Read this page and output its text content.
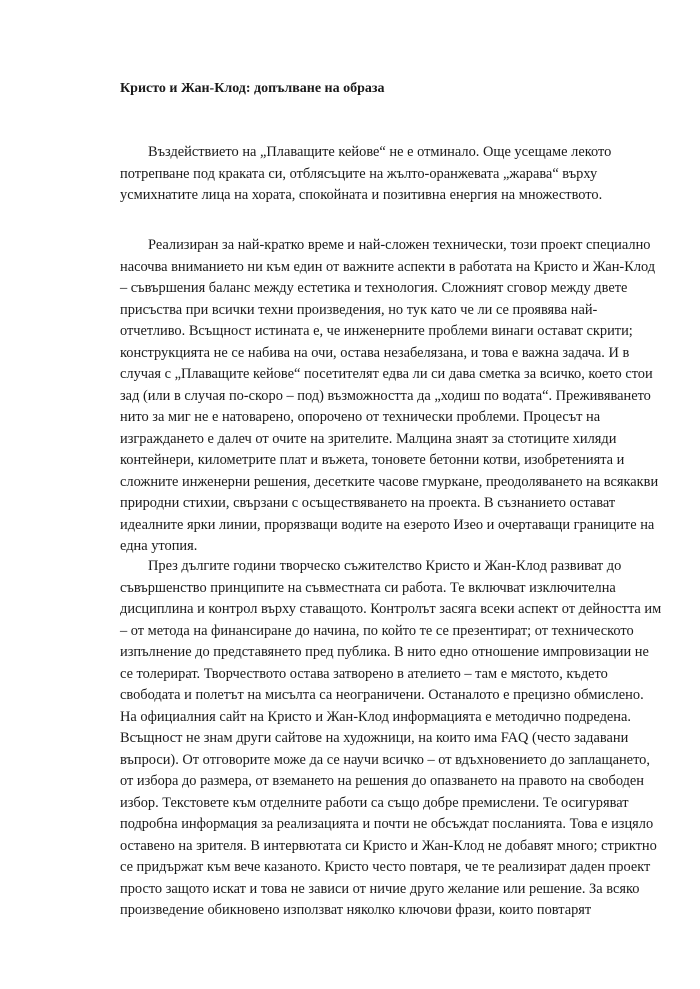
Кристо и Жан-Клод: допълване на образа
Въздействието на „Плаващите кейове“ не е отминало. Още усещаме лекото
потрепване под краката си, отблясъците на жълто-оранжевата „жарава“ върху
усмихнатите лица на хората, спокойната и позитивна енергия на множеството.
Реализиран за най-кратко време и най-сложен технически, този проект специално
насочва вниманието ни към един от важните аспекти в работата на Кристо и Жан-Клод
– съвършения баланс между естетика и технология. Сложният сговор между двете
присъства при всички техни произведения, но тук като че ли се проявява най-
отчетливо. Всъщност истината е, че инженерните проблеми винаги остават скрити;
конструкцията не се набива на очи, остава незабелязана, и това е важна задача. И в
случая с „Плаващите кейове“ посетителят едва ли си дава сметка за всичко, което стои
зад (или в случая по-скоро – под) възможността да „ходиш по водата“. Преживяването
нито за миг не е натоварено, опорочено от технически проблеми. Процесът на
изграждането е далеч от очите на зрителите. Малцина знаят за стотиците хиляди
контейнери, километрите плат и въжета, тоновете бетонни котви, изобретенията и
сложните инженерни решения, десетките часове гмуркане, преодоляването на всякакви
природни стихии, свързани с осъществяването на проекта. В съзнанието остават
идеалните ярки линии, прорязващи водите на езерото Изео и очертаващи границите на
една утопия.
През дългите години творческо съжителство Кристо и Жан-Клод развиват до
съвършенство принципите на съвместната си работа. Те включват изключителна
дисциплина и контрол върху ставащото. Контролът засяга всеки аспект от дейността им
– от метода на финансиране до начина, по който те се презентират; от техническото
изпълнение до представянето пред публика. В нито едно отношение импровизации не
се толерират. Творчеството остава затворено в ателието – там е мястото, където
свободата и полетът на мисълта са неограничени. Останалото е прецизно обмислено.
На официалния сайт на Кристо и Жан-Клод информацията е методично подредена.
Всъщност не знам други сайтове на художници, на които има FAQ (често задавани
въпроси). От отговорите може да се научи всичко – от вдъхновението до заплащането,
от избора до размера, от вземането на решения до опазването на правото на свободен
избор. Текстовете към отделните работи са също добре премислени. Те осигуряват
подробна информация за реализацията и почти не обсъждат посланията. Това е изцяло
оставено на зрителя. В интервютата си Кристо и Жан-Клод не добавят много; стриктно
се придържат към вече казаното. Кристо често повтаря, че те реализират даден проект
просто защото искат и това не зависи от ничие друго желание или решение. За всяко
произведение обикновено използват няколко ключови фрази, които повтарят
